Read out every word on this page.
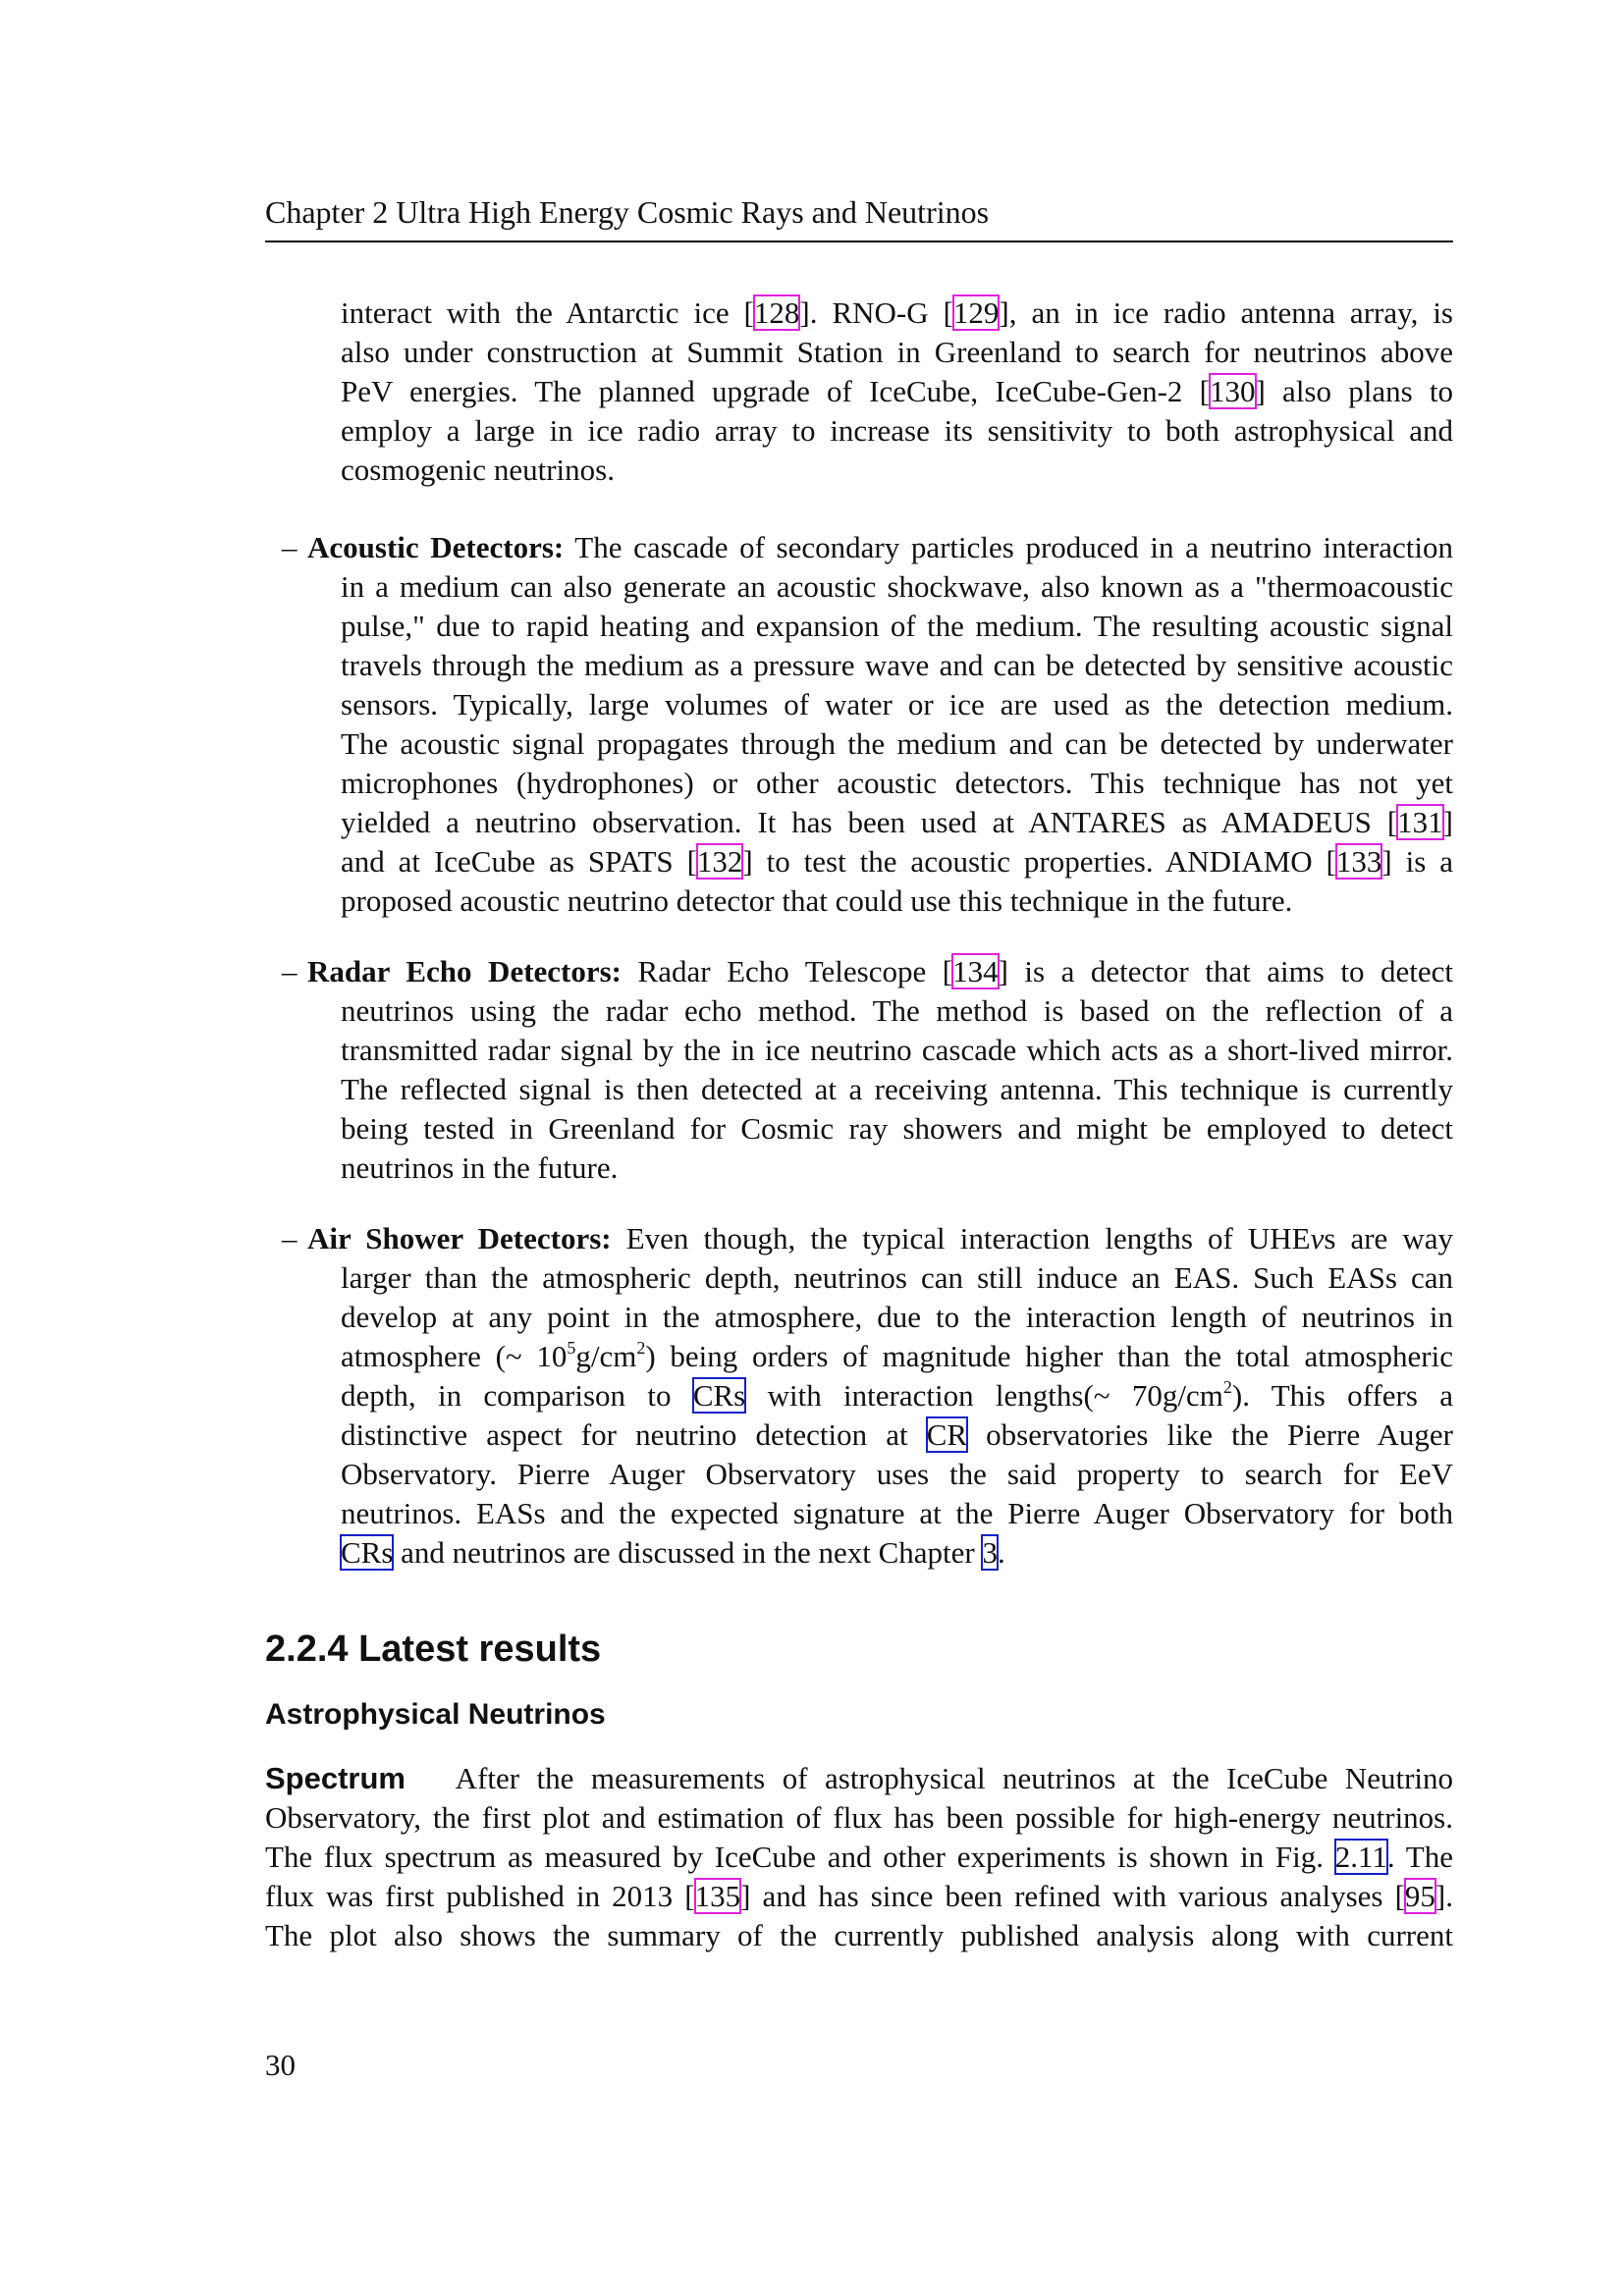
Chapter 2 Ultra High Energy Cosmic Rays and Neutrinos
interact with the Antarctic ice [128]. RNO-G [129], an in ice radio antenna array, is
also under construction at Summit Station in Greenland to search for neutrinos above
PeV energies. The planned upgrade of IceCube, IceCube-Gen-2 [130] also plans to
employ a large in ice radio array to increase its sensitivity to both astrophysical and
cosmogenic neutrinos.
– Acoustic Detectors: The cascade of secondary particles produced in a neutrino interaction
in a medium can also generate an acoustic shockwave, also known as a "thermoacoustic
pulse," due to rapid heating and expansion of the medium. The resulting acoustic signal
travels through the medium as a pressure wave and can be detected by sensitive acoustic
sensors. Typically, large volumes of water or ice are used as the detection medium.
The acoustic signal propagates through the medium and can be detected by underwater
microphones (hydrophones) or other acoustic detectors. This technique has not yet
yielded a neutrino observation. It has been used at ANTARES as AMADEUS [131]
and at IceCube as SPATS [132] to test the acoustic properties. ANDIAMO [133] is a
proposed acoustic neutrino detector that could use this technique in the future.
– Radar Echo Detectors: Radar Echo Telescope [134] is a detector that aims to detect
neutrinos using the radar echo method. The method is based on the reflection of a
transmitted radar signal by the in ice neutrino cascade which acts as a short-lived mirror.
The reflected signal is then detected at a receiving antenna. This technique is currently
being tested in Greenland for Cosmic ray showers and might be employed to detect
neutrinos in the future.
– Air Shower Detectors: Even though, the typical interaction lengths of UHEνs are way
larger than the atmospheric depth, neutrinos can still induce an EAS. Such EASs can
develop at any point in the atmosphere, due to the interaction length of neutrinos in
atmosphere (~ $10^5g/cm^2$) being orders of magnitude higher than the total atmospheric
depth, in comparison to CRs with interaction lengths(~ $70g/cm^2$). This offers a
distinctive aspect for neutrino detection at CR observatories like the Pierre Auger
Observatory. Pierre Auger Observatory uses the said property to search for EeV
neutrinos. EASs and the expected signature at the Pierre Auger Observatory for both
CRs and neutrinos are discussed in the next Chapter 3.
2.2.4 Latest results
Astrophysical Neutrinos
Spectrum   After the measurements of astrophysical neutrinos at the IceCube Neutrino
Observatory, the first plot and estimation of flux has been possible for high-energy neutrinos.
The flux spectrum as measured by IceCube and other experiments is shown in Fig. 2.11. The
flux was first published in 2013 [135] and has since been refined with various analyses [95].
The plot also shows the summary of the currently published analysis along with current
30
